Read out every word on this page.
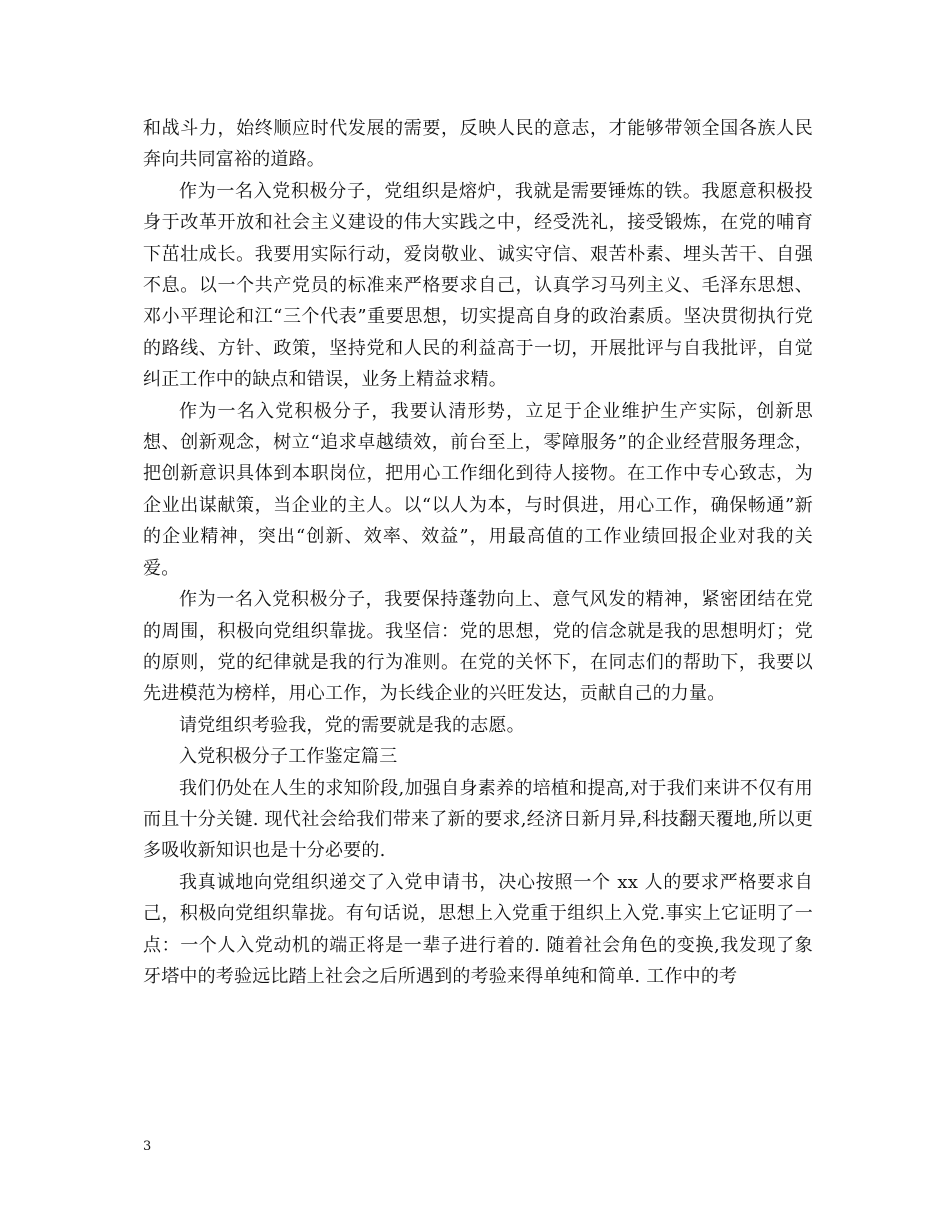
和战斗力，始终顺应时代发展的需要，反映人民的意志，才能够带领全国各族人民奔向共同富裕的道路。

作为一名入党积极分子，党组织是熔炉，我就是需要锤炼的铁。我愿意积极投身于改革开放和社会主义建设的伟大实践之中，经受洗礼，接受锻炼，在党的哺育下茁壮成长。我要用实际行动，爱岗敬业、诚实守信、艰苦朴素、埋头苦干、自强不息。以一个共产党员的标准来严格要求自己，认真学习马列主义、毛泽东思想、邓小平理论和江“三个代表”重要思想，切实提高自身的政治素质。坚决贯彻执行党的路线、方针、政策，坚持党和人民的利益高于一切，开展批评与自我批评，自觉纠正工作中的缺点和错误，业务上精益求精。

作为一名入党积极分子，我要认清形势，立足于企业维护生产实际，创新思想、创新观念，树立“追求卓越绩效，前台至上，零障服务”的企业经营服务理念，把创新意识具体到本职岗位，把用心工作细化到待人接物。在工作中专心致志，为企业出谋献策，当企业的主人。以“以人为本，与时俱进，用心工作，确保畅通”新的企业精神，突出“创新、效率、效益”，用最高值的工作业绩回报企业对我的关爱。

作为一名入党积极分子，我要保持蓬勃向上、意气风发的精神，紧密团结在党的周围，积极向党组织靠拢。我坚信：党的思想，党的信念就是我的思想明灯；党的原则，党的纪律就是我的行为准则。在党的关怀下，在同志们的帮助下，我要以先进模范为榜样，用心工作，为长线企业的兴旺发达，贡献自己的力量。

请党组织考验我，党的需要就是我的志愿。

入党积极分子工作鉴定篇三

我们仍处在人生的求知阶段,加强自身素养的培植和提高,对于我们来讲不仅有用而且十分关键. 现代社会给我们带来了新的要求,经济日新月异,科技翻天覆地,所以更多吸收新知识也是十分必要的.

我真诚地向党组织递交了入党申请书，决心按照一个 xx 人的要求严格要求自己，积极向党组织靠拢。有句话说，思想上入党重于组织上入党.事实上它证明了一点：一个人入党动机的端正将是一辈子进行着的. 随着社会角色的变换,我发现了象牙塔中的考验远比踏上社会之后所遇到的考验来得单纯和简单. 工作中的考

3
